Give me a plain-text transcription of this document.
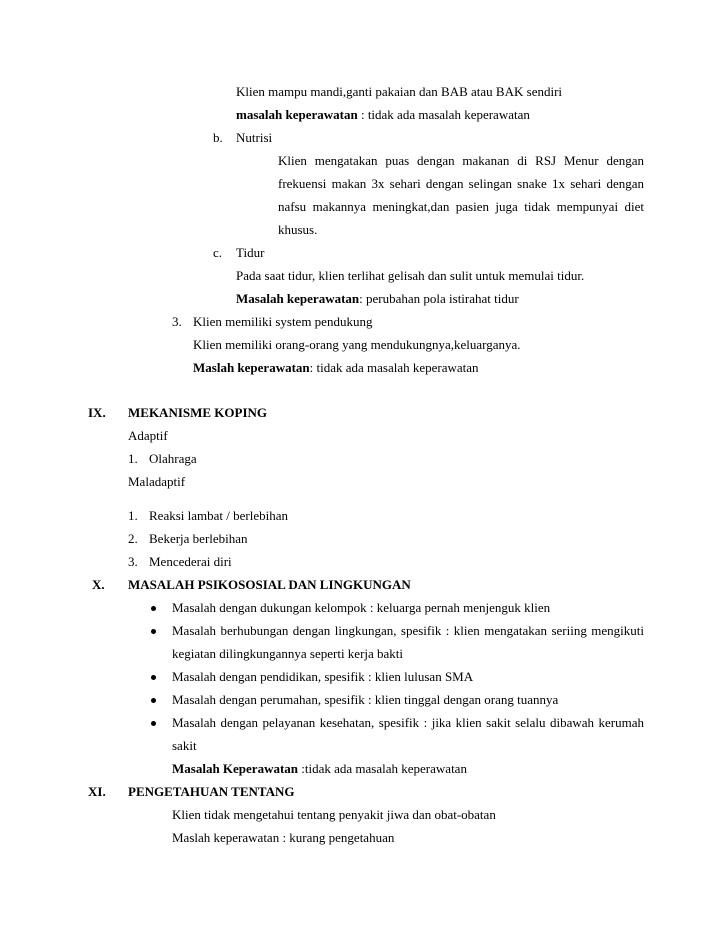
Klien mampu mandi,ganti pakaian dan BAB atau BAK sendiri
masalah keperawatan : tidak ada masalah keperawatan
b. Nutrisi
Klien mengatakan puas dengan makanan di RSJ Menur dengan
frekuensi makan 3x sehari dengan selingan snake 1x sehari dengan
nafsu makannya meningkat,dan pasien juga tidak mempunyai diet
khusus.
c. Tidur
Pada saat tidur, klien terlihat gelisah dan sulit untuk memulai tidur.
Masalah keperawatan: perubahan pola istirahat tidur
3. Klien memiliki system pendukung
Klien memiliki orang-orang yang mendukungnya,keluarganya.
Maslah keperawatan: tidak ada masalah keperawatan
IX. MEKANISME KOPING
Adaptif
1. Olahraga
Maladaptif
1. Reaksi lambat / berlebihan
2. Bekerja berlebihan
3. Mencederai diri
X. MASALAH PSIKOSOSIAL DAN LINGKUNGAN
Masalah dengan dukungan kelompok : keluarga pernah menjenguk klien
Masalah berhubungan dengan lingkungan, spesifik : klien mengatakan seriing mengikuti
kegiatan dilingkungannya seperti kerja bakti
Masalah dengan pendidikan, spesifik : klien lulusan SMA
Masalah dengan perumahan, spesifik : klien tinggal dengan orang tuannya
Masalah dengan pelayanan kesehatan, spesifik : jika klien sakit selalu dibawah kerumah
sakit
Masalah Keperawatan :tidak ada masalah keperawatan
XI. PENGETAHUAN TENTANG
Klien tidak mengetahui tentang penyakit jiwa dan obat-obatan
Maslah keperawatan : kurang pengetahuan
